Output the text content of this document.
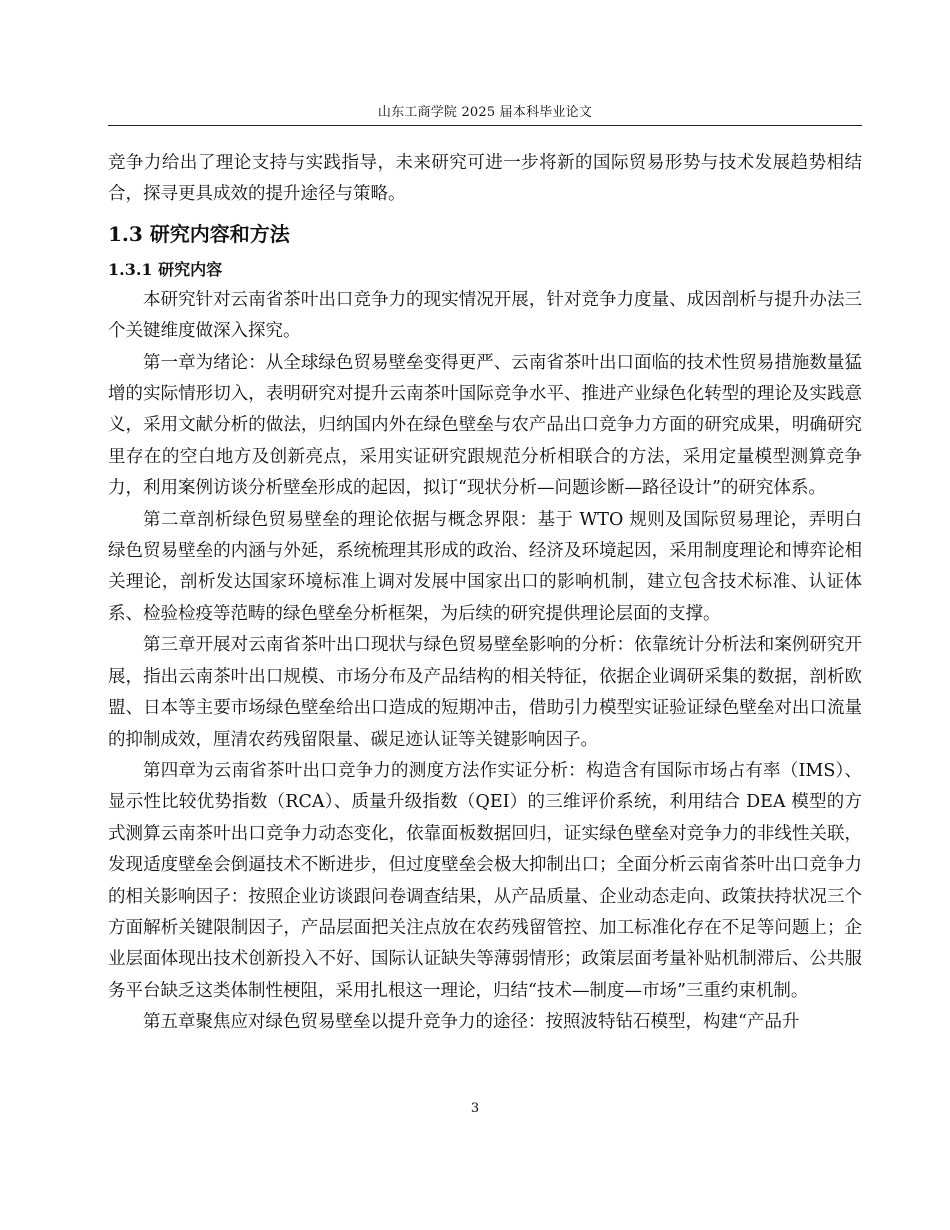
山东工商学院 2025 届本科毕业论文

竞争力给出了理论支持与实践指导，未来研究可进一步将新的国际贸易形势与技术发展趋势相结合，探寻更具成效的提升途径与策略。

1.3 研究内容和方法
1.3.1 研究内容

本研究针对云南省茶叶出口竞争力的现实情况开展，针对竞争力度量、成因剖析与提升办法三个关键维度做深入探究。

第一章为绪论：从全球绿色贸易壁垒变得更严、云南省茶叶出口面临的技术性贸易措施数量猛增的实际情形切入，表明研究对提升云南茶叶国际竞争水平、推进产业绿色化转型的理论及实践意义，采用文献分析的做法，归纳国内外在绿色壁垒与农产品出口竞争力方面的研究成果，明确研究里存在的空白地方及创新亮点，采用实证研究跟规范分析相联合的方法，采用定量模型测算竞争力，利用案例访谈分析壁垒形成的起因，拟订“现状分析—问题诊断—路径设计”的研究体系。

第二章剖析绿色贸易壁垒的理论依据与概念界限：基于 WTO 规则及国际贸易理论，弄明白绿色贸易壁垒的内涵与外延，系统梳理其形成的政治、经济及环境起因，采用制度理论和博弈论相关理论，剖析发达国家环境标准上调对发展中国家出口的影响机制，建立包含技术标准、认证体系、检验检疫等范畴的绿色壁垒分析框架，为后续的研究提供理论层面的支撑。

第三章开展对云南省茶叶出口现状与绿色贸易壁垒影响的分析：依靠统计分析法和案例研究开展，指出云南茶叶出口规模、市场分布及产品结构的相关特征，依据企业调研采集的数据，剖析欧盟、日本等主要市场绿色壁垒给出口造成的短期冲击，借助引力模型实证验证绿色壁垒对出口流量的抑制成效，厘清农药残留限量、碳足迹认证等关键影响因子。

第四章为云南省茶叶出口竞争力的测度方法作实证分析：构造含有国际市场占有率（IMS）、显示性比较优势指数（RCA）、质量升级指数（QEI）的三维评价系统，利用结合 DEA 模型的方式测算云南茶叶出口竞争力动态变化，依靠面板数据回归，证实绿色壁垒对竞争力的非线性关联，发现适度壁垒会倒逼技术不断进步，但过度壁垒会极大抑制出口；全面分析云南省茶叶出口竞争力的相关影响因子：按照企业访谈跟问卷调查结果，从产品质量、企业动态走向、政策扶持状况三个方面解析关键限制因子，产品层面把关注点放在农药残留管控、加工标准化存在不足等问题上；企业层面体现出技术创新投入不好、国际认证缺失等薄弱情形；政策层面考量补贴机制滞后、公共服务平台缺乏这类体制性梗阻，采用扎根这一理论，归结“技术—制度—市场”三重约束机制。

第五章聚焦应对绿色贸易壁垒以提升竞争力的途径：按照波特钻石模型，构建“产品升

3
